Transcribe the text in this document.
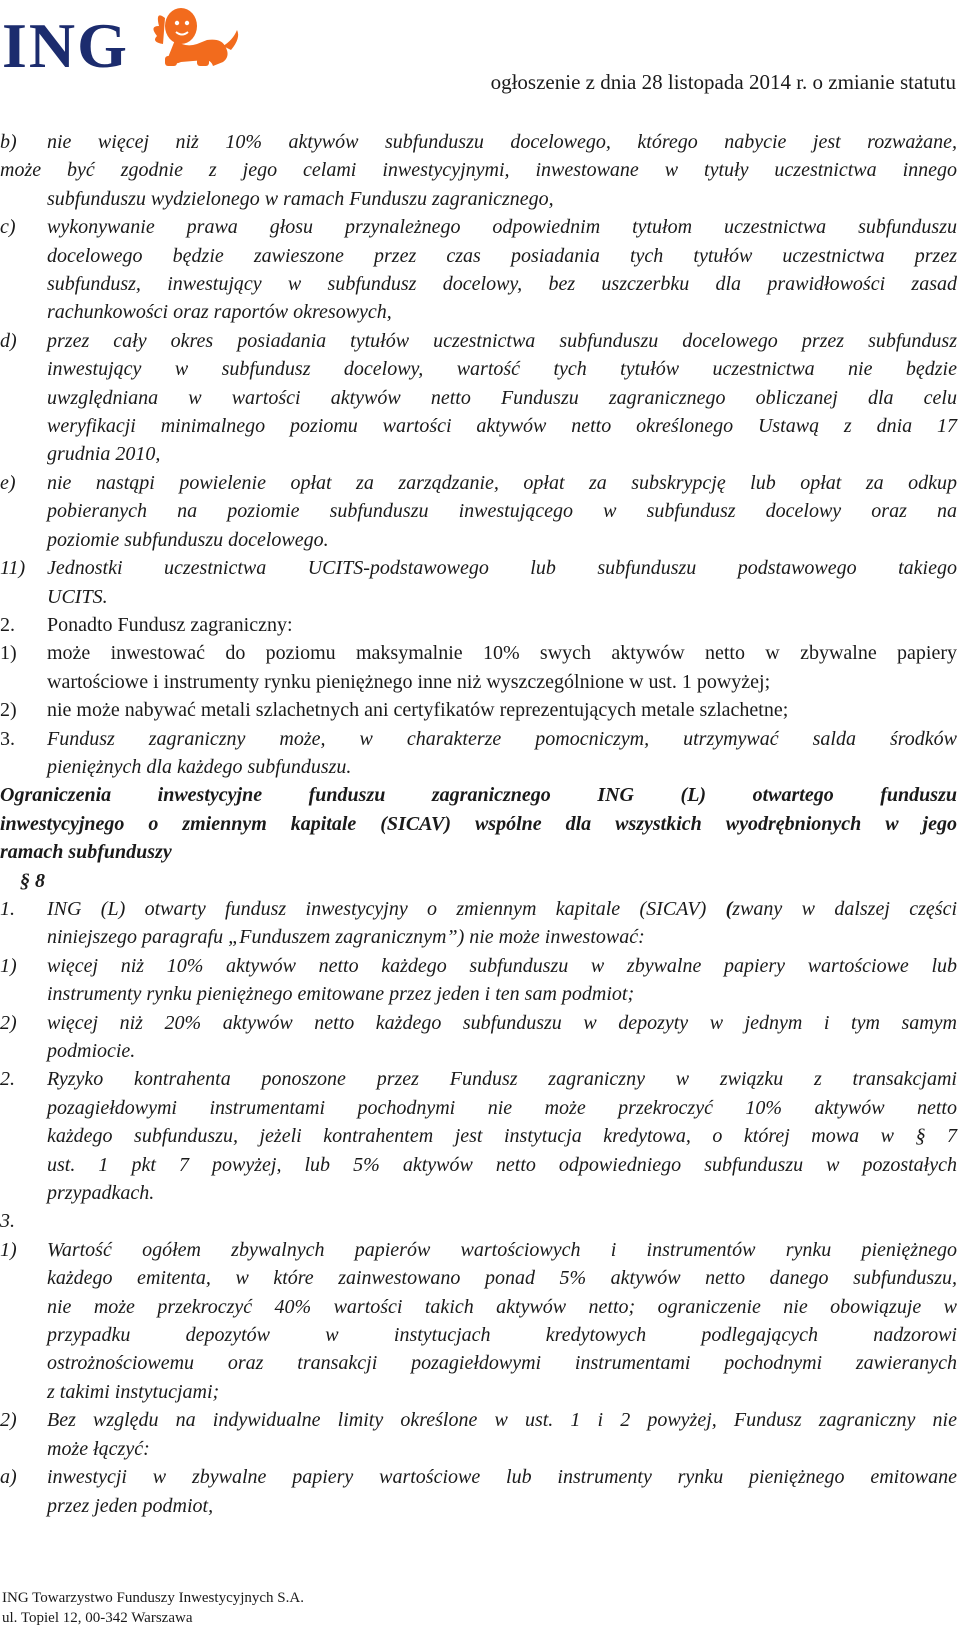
ING
ogłoszenie z dnia 28 listopada 2014 r. o zmianie statutu
b)	nie więcej niż 10% aktywów subfunduszu docelowego, którego nabycie jest rozważane,
może być zgodnie z jego celami inwestycyjnymi, inwestowane w tytuły uczestnictwa innego
subfunduszu wydzielonego w ramach Funduszu zagranicznego,
c)	wykonywanie prawa głosu przynależnego odpowiednim tytułom uczestnictwa subfunduszu
docelowego będzie zawieszone przez czas posiadania tych tytułów uczestnictwa przez
subfundusz, inwestujący w subfundusz docelowy, bez uszczerbku dla prawidłowości zasad
rachunkowości oraz raportów okresowych,
d)	przez cały okres posiadania tytułów uczestnictwa subfunduszu docelowego przez subfundusz
inwestujący w subfundusz docelowy, wartość tych tytułów uczestnictwa nie będzie
uwzględniana w wartości aktywów netto Funduszu zagranicznego obliczanej dla celu
weryfikacji minimalnego poziomu wartości aktywów netto określonego Ustawą z dnia 17
grudnia 2010,
e)	nie nastąpi powielenie opłat za zarządzanie, opłat za subskrypcję lub opłat za odkup
pobieranych na poziomie subfunduszu inwestującego w subfundusz docelowy oraz na
poziomie subfunduszu docelowego.
11)	Jednostki uczestnictwa UCITS-podstawowego lub subfunduszu podstawowego takiego
UCITS.
2.	Ponadto Fundusz zagraniczny:
1)	może inwestować do poziomu maksymalnie 10% swych aktywów netto w zbywalne papiery
wartościowe i instrumenty rynku pieniężnego inne niż wyszczególnione w ust. 1 powyżej;
2)	nie może nabywać metali szlachetnych ani certyfikatów reprezentujących metale szlachetne;
3.	Fundusz zagraniczny może, w charakterze pomocniczym, utrzymywać salda środków
pieniężnych dla każdego subfunduszu.
Ograniczenia inwestycyjne funduszu zagranicznego ING (L) otwartego funduszu
inwestycyjnego o zmiennym kapitale (SICAV) wspólne dla wszystkich wyodrębnionych w jego
ramach subfunduszy
§ 8
1.	ING (L) otwarty fundusz inwestycyjny o zmiennym kapitale (SICAV) (zwany w dalszej części
niniejszego paragrafu „Funduszem zagranicznym”) nie może inwestować:
1)	więcej niż 10% aktywów netto każdego subfunduszu w zbywalne papiery wartościowe lub
instrumenty rynku pieniężnego emitowane przez jeden i ten sam podmiot;
2)	więcej niż 20% aktywów netto każdego subfunduszu w depozyty w jednym i tym samym
podmiocie.
2.	Ryzyko kontrahenta ponoszone przez Fundusz zagraniczny w związku z transakcjami
pozagiełdowymi instrumentami pochodnymi nie może przekroczyć 10% aktywów netto
każdego subfunduszu, jeżeli kontrahentem jest instytucja kredytowa, o której mowa w § 7
ust. 1 pkt 7 powyżej, lub 5% aktywów netto odpowiedniego subfunduszu w pozostałych
przypadkach.
3.
1)	Wartość ogółem zbywalnych papierów wartościowych i instrumentów rynku pieniężnego
każdego emitenta, w które zainwestowano ponad 5% aktywów netto danego subfunduszu,
nie może przekroczyć 40% wartości takich aktywów netto; ograniczenie nie obowiązuje w
przypadku depozytów w instytucjach kredytowych podlegających nadzorowi
ostrożnościowemu oraz transakcji pozagiełdowymi instrumentami pochodnymi zawieranych
z takimi instytucjami;
2)	Bez względu na indywidualne limity określone w ust. 1 i 2 powyżej, Fundusz zagraniczny nie
może łączyć:
a)	inwestycji w zbywalne papiery wartościowe lub instrumenty rynku pieniężnego emitowane
przez jeden podmiot,
ING Towarzystwo Funduszy Inwestycyjnych S.A.
ul. Topiel 12, 00-342 Warszawa
